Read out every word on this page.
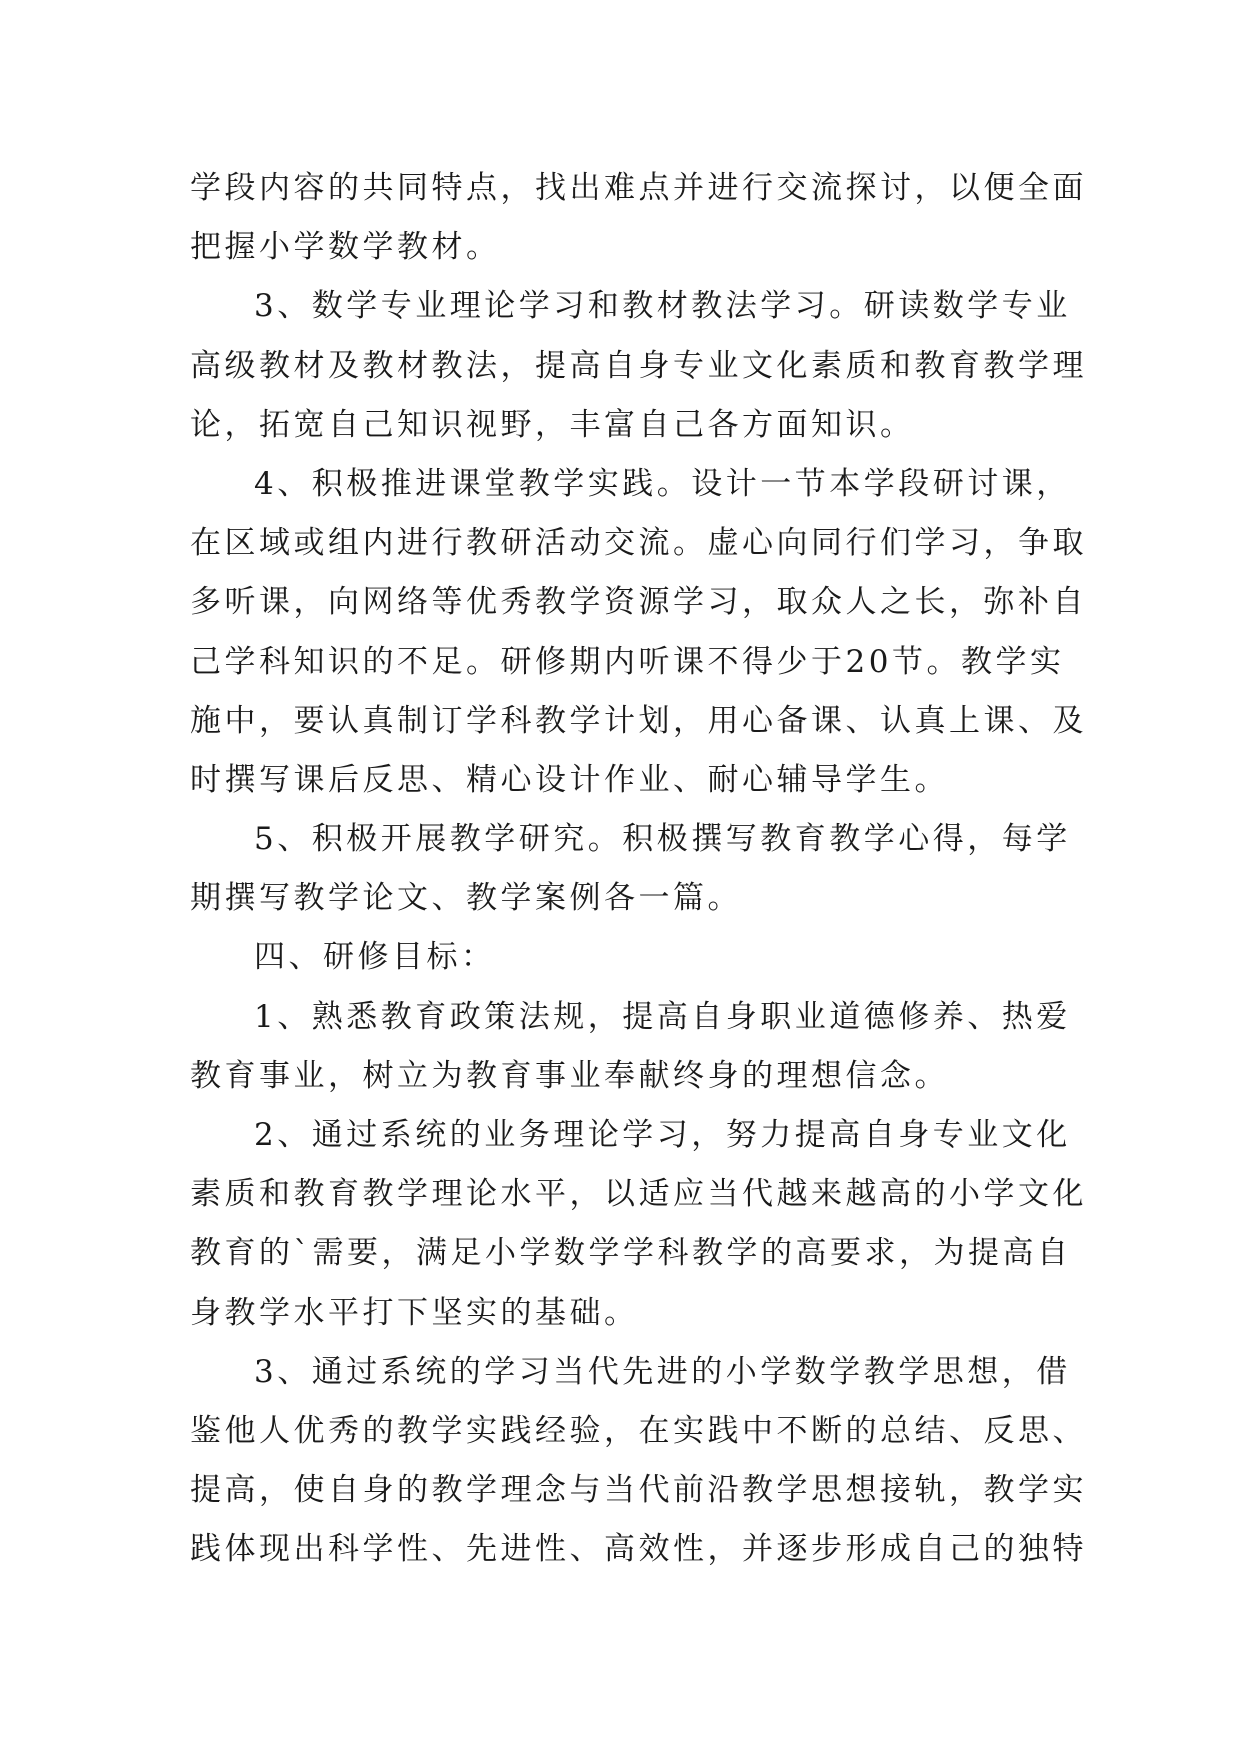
学段内容的共同特点，找出难点并进行交流探讨，以便全面
把握小学数学教材。
3、数学专业理论学习和教材教法学习。研读数学专业
高级教材及教材教法，提高自身专业文化素质和教育教学理
论，拓宽自己知识视野，丰富自己各方面知识。
4、积极推进课堂教学实践。设计一节本学段研讨课，
在区域或组内进行教研活动交流。虚心向同行们学习，争取
多听课，向网络等优秀教学资源学习，取众人之长，弥补自
己学科知识的不足。研修期内听课不得少于20节。教学实
施中，要认真制订学科教学计划，用心备课、认真上课、及
时撰写课后反思、精心设计作业、耐心辅导学生。
5、积极开展教学研究。积极撰写教育教学心得，每学
期撰写教学论文、教学案例各一篇。
四、研修目标：
1、熟悉教育政策法规，提高自身职业道德修养、热爱
教育事业，树立为教育事业奉献终身的理想信念。
2、通过系统的业务理论学习，努力提高自身专业文化
素质和教育教学理论水平，以适应当代越来越高的小学文化
教育的`需要，满足小学数学学科教学的高要求，为提高自
身教学水平打下坚实的基础。
3、通过系统的学习当代先进的小学数学教学思想，借
鉴他人优秀的教学实践经验，在实践中不断的总结、反思、
提高，使自身的教学理念与当代前沿教学思想接轨，教学实
践体现出科学性、先进性、高效性，并逐步形成自己的独特
